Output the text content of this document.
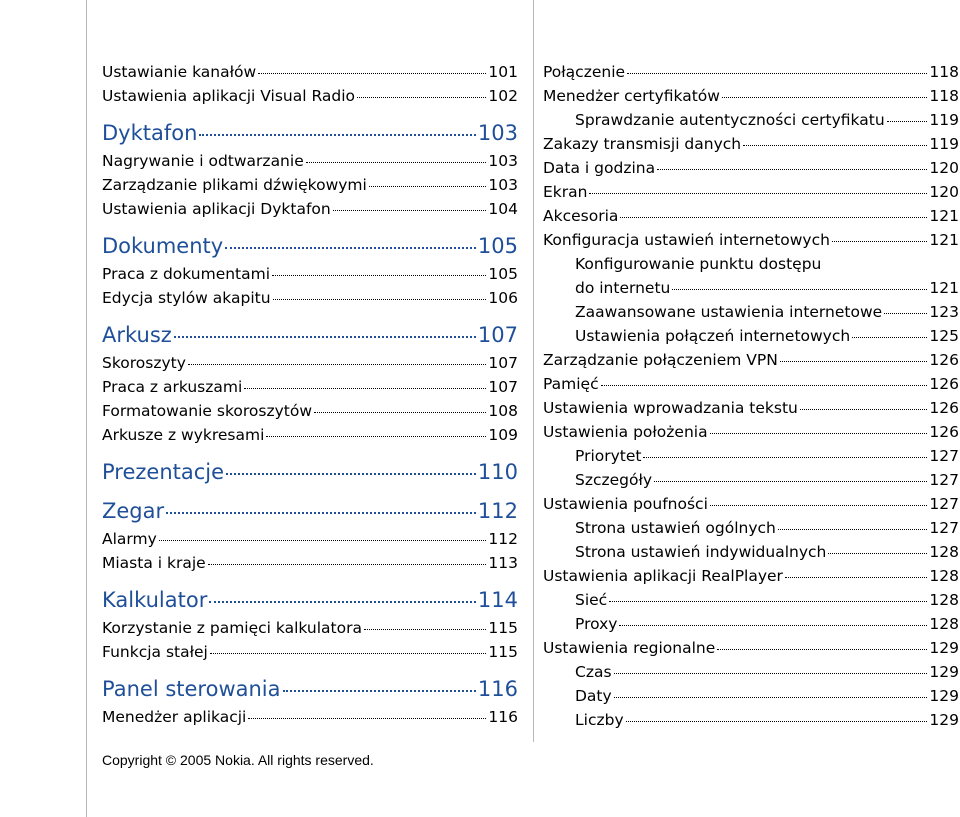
Ustawianie kanałów	101
Ustawienia aplikacji Visual Radio	102
Dyktafon	103
Nagrywanie i odtwarzanie	103
Zarządzanie plikami dźwiękowymi	103
Ustawienia aplikacji Dyktafon	104
Dokumenty	105
Praca z dokumentami	105
Edycja stylów akapitu	106
Arkusz	107
Skoroszyty	107
Praca z arkuszami	107
Formatowanie skoroszytów	108
Arkusze z wykresami	109
Prezentacje	110
Zegar	112
Alarmy	112
Miasta i kraje	113
Kalkulator	114
Korzystanie z pamięci kalkulatora	115
Funkcja stałej	115
Panel sterowania	116
Menedżer aplikacji	116
Połączenie	118
Menedżer certyfikatów	118
Sprawdzanie autentyczności certyfikatu	119
Zakazy transmisji danych	119
Data i godzina	120
Ekran	120
Akcesoria	121
Konfiguracja ustawień internetowych	121
Konfigurowanie punktu dostępu
do internetu	121
Zaawansowane ustawienia internetowe	123
Ustawienia połączeń internetowych	125
Zarządzanie połączeniem VPN	126
Pamięć	126
Ustawienia wprowadzania tekstu	126
Ustawienia położenia	126
Priorytet	127
Szczegóły	127
Ustawienia poufności	127
Strona ustawień ogólnych	127
Strona ustawień indywidualnych	128
Ustawienia aplikacji RealPlayer	128
Sieć	128
Proxy	128
Ustawienia regionalne	129
Czas	129
Daty	129
Liczby	129
Copyright © 2005 Nokia. All rights reserved.
